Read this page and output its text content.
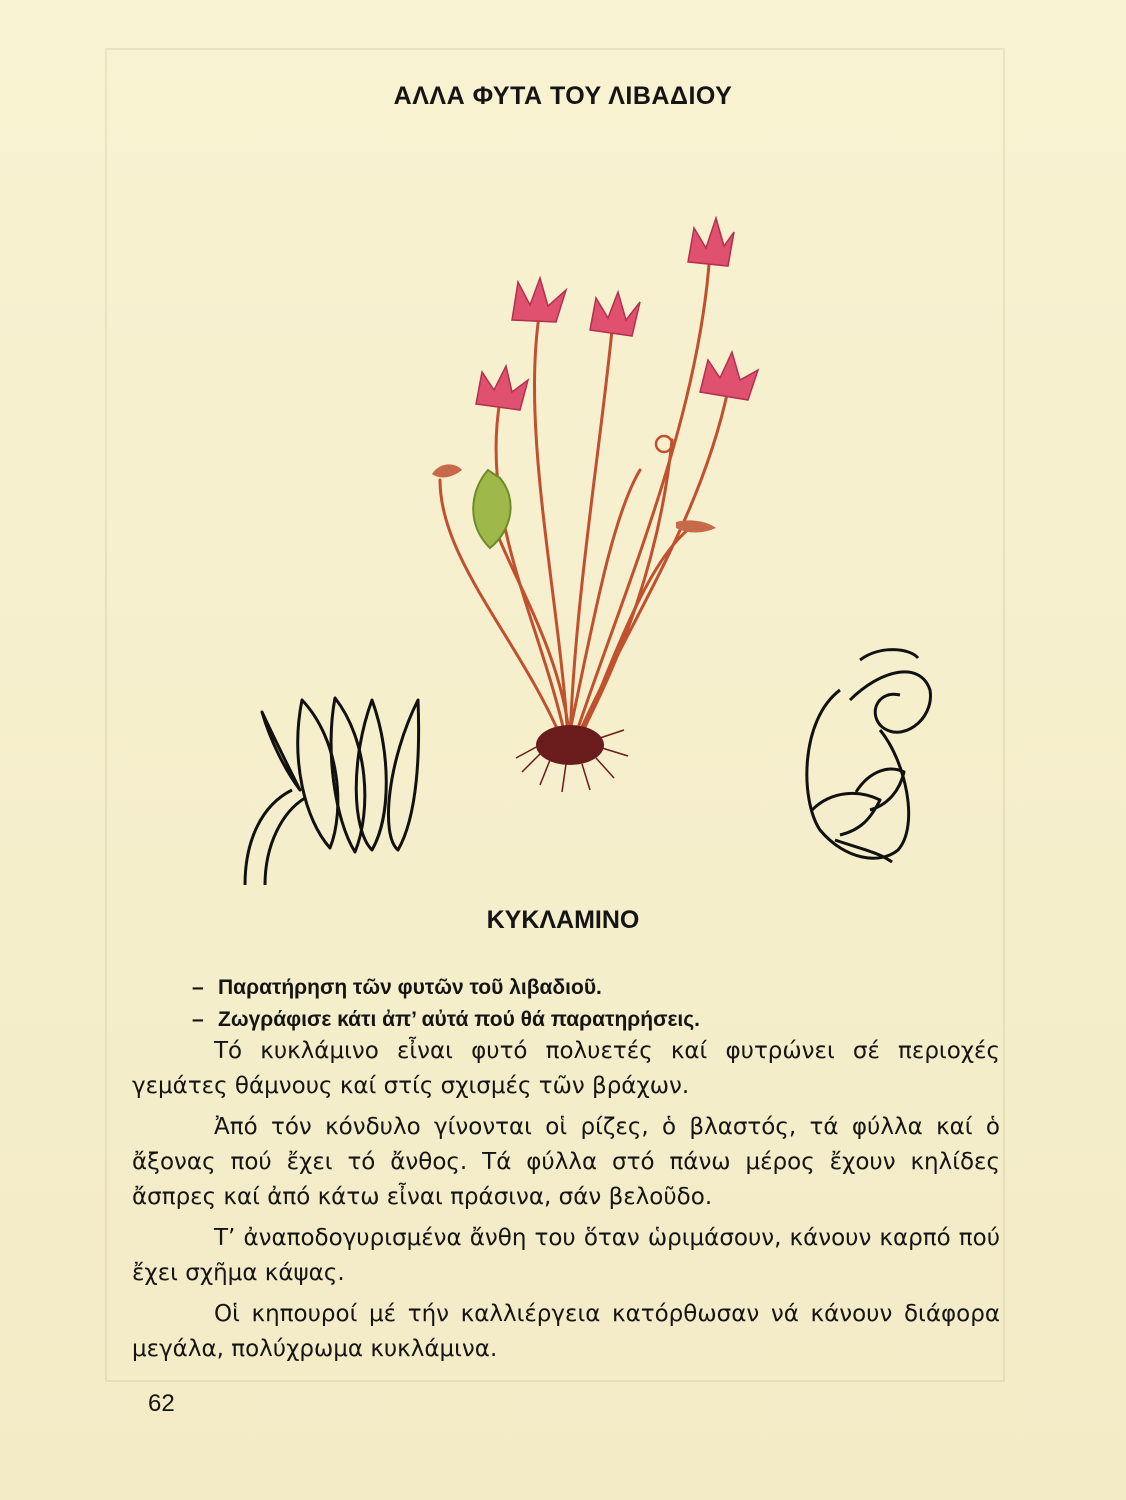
ΑΛΛΑ ΦΥΤΑ ΤΟΥ ΛΙΒΑΔΙΟΥ
ΚΥΚΛΑΜΙΝΟ
– Παρατήρηση τῶν φυτῶν τοῦ λιβαδιοῦ.
– Ζωγράφισε κάτι ἀπ’ αὐτά πού θά παρατηρήσεις.

Τό κυκλάμινο εἶναι φυτό πολυετές καί φυτρώνει σέ περιοχές γεμάτες θάμνους καί στίς σχισμές τῶν βράχων.

Ἀπό τόν κόνδυλο γίνονται οἱ ρίζες, ὁ βλαστός, τά φύλλα καί ὁ ἄξονας πού ἔχει τό ἄνθος. Τά φύλλα στό πάνω μέρος ἔχουν κηλίδες ἄσπρες καί ἀπό κάτω εἶναι πράσινα, σάν βελοῦδο.

Τ’ ἀναποδογυρισμένα ἄνθη του ὅταν ὡριμάσουν, κάνουν καρπό πού ἔχει σχῆμα κάψας.

Οἱ κηπουροί μέ τήν καλλιέργεια κατόρθωσαν νά κάνουν διάφορα μεγάλα, πολύχρωμα κυκλάμινα.

62
